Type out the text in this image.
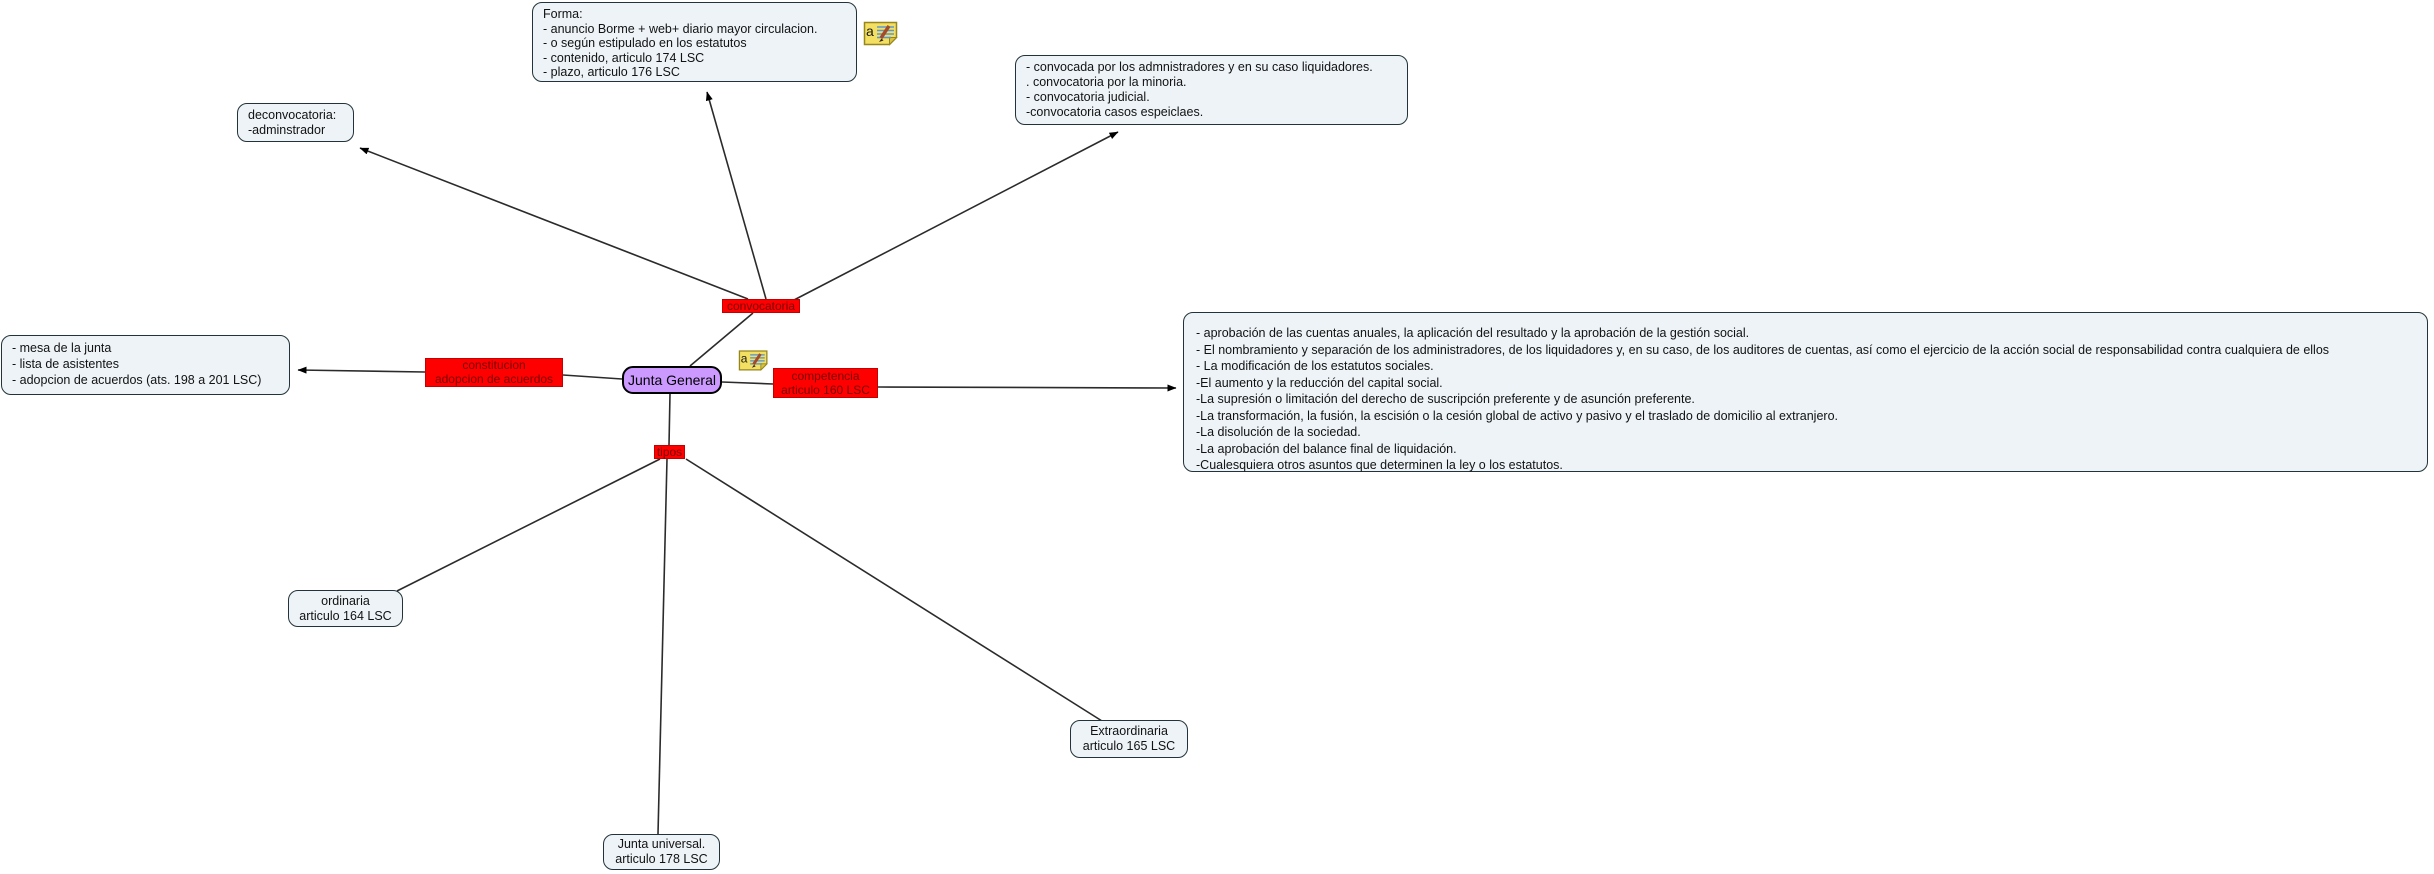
Forma:
- anuncio Borme + web+ diario mayor circulacion.
- o según estipulado en los estatutos
- contenido, articulo 174 LSC
- plazo, articulo 176 LSC
a
- convocada por los admnistradores y en su caso liquidadores.
. convocatoria por la minoria.
- convocatoria judicial.
-convocatoria casos espeiclaes.
deconvocatoria:
-adminstrador
- mesa de la junta
- lista de asistentes
- adopcion de acuerdos (ats. 198 a 201 LSC)
- aprobación de las cuentas anuales, la aplicación del resultado y la aprobación de la gestión social.
- El nombramiento y separación de los administradores, de los liquidadores y, en su caso, de los auditores de cuentas, así como el ejercicio de la acción social de responsabilidad contra cualquiera de ellos
- La modificación de los estatutos sociales.
-El aumento y la reducción del capital social.
-La supresión o limitación del derecho de suscripción preferente y de asunción preferente.
-La transformación, la fusión, la escisión o la cesión global de activo y pasivo y el traslado de domicilio al extranjero.
-La disolución de la sociedad.
-La aprobación del balance final de liquidación.
-Cualesquiera otros asuntos que determinen la ley o los estatutos.
ordinaria
articulo 164 LSC
Extraordinaria
articulo 165 LSC
Junta universal.
articulo 178 LSC
convocatoria
constitucion
adopcion de acuerdos	competencia
articulo 160 LSC
tipos
a
Junta General
